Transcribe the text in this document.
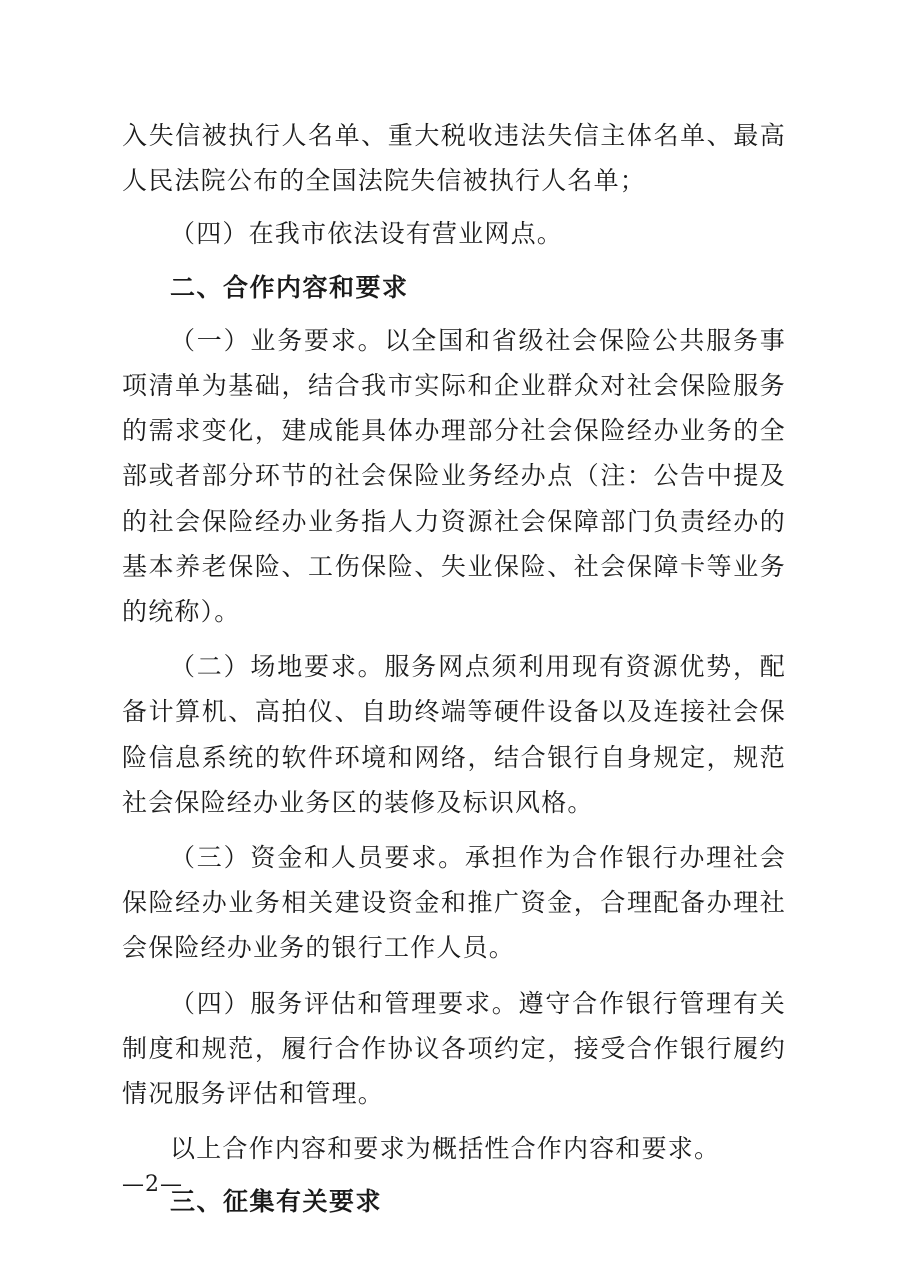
入失信被执行人名单、重大税收违法失信主体名单、最高人民法院公布的全国法院失信被执行人名单；

（四）在我市依法设有营业网点。

二、合作内容和要求

（一）业务要求。以全国和省级社会保险公共服务事项清单为基础，结合我市实际和企业群众对社会保险服务的需求变化，建成能具体办理部分社会保险经办业务的全部或者部分环节的社会保险业务经办点（注：公告中提及的社会保险经办业务指人力资源社会保障部门负责经办的基本养老保险、工伤保险、失业保险、社会保障卡等业务的统称）。

（二）场地要求。服务网点须利用现有资源优势，配备计算机、高拍仪、自助终端等硬件设备以及连接社会保险信息系统的软件环境和网络，结合银行自身规定，规范社会保险经办业务区的装修及标识风格。

（三）资金和人员要求。承担作为合作银行办理社会保险经办业务相关建设资金和推广资金，合理配备办理社会保险经办业务的银行工作人员。

（四）服务评估和管理要求。遵守合作银行管理有关制度和规范，履行合作协议各项约定，接受合作银行履约情况服务评估和管理。

以上合作内容和要求为概括性合作内容和要求。

三、征集有关要求

—2—
